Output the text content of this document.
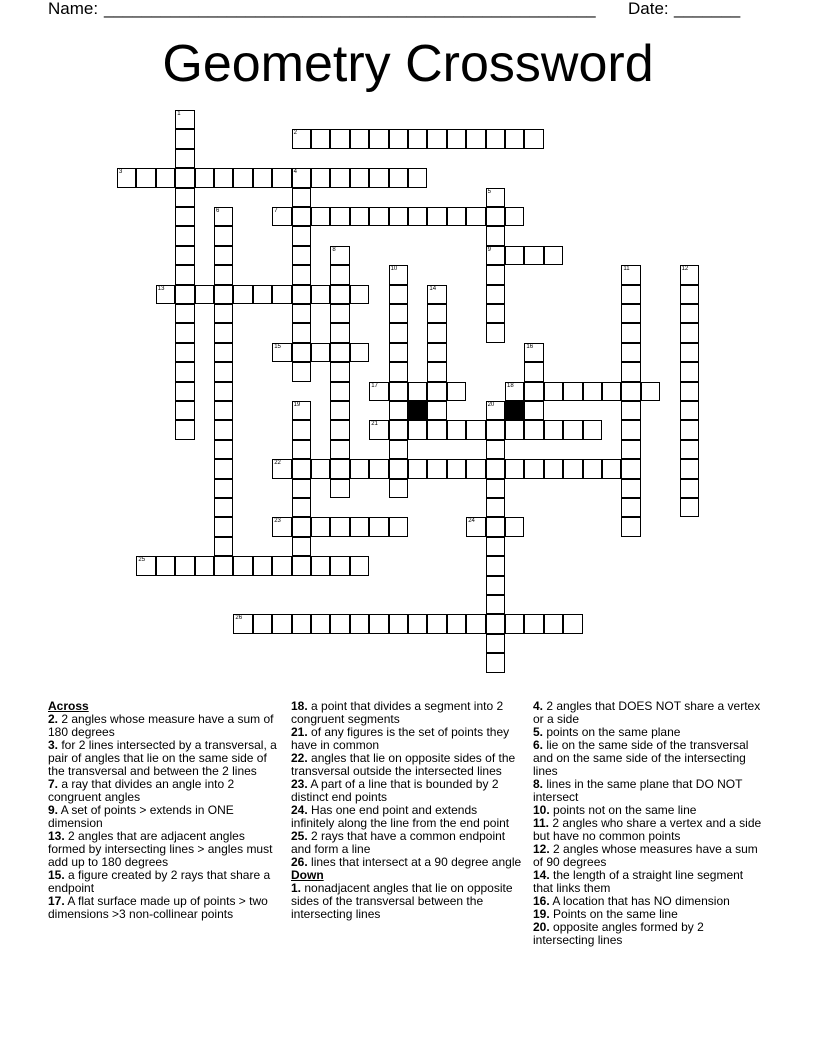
Name: ____________________________________________________ Date: _______
Geometry Crossword
1
2
3	4
5
9
6	7
8
10	11	12
13	14
15	16
17	18
19	20
21
22
23	24
25
26

Across

2. 2 angles whose measure have a sum of 180 degrees

3. for 2 lines intersected by a transversal, a pair of angles that lie on the same side of the transversal and between the 2 lines

7. a ray that divides an angle into 2 congruent angles

9. A set of points > extends in ONE dimension

13. 2 angles that are adjacent angles formed by intersecting lines > angles must add up to 180 degrees

15. a figure created by 2 rays that share a endpoint

17. A flat surface made up of points > two dimensions >3 non-collinear points

18. a point that divides a segment into 2 congruent segments

21. of any figures is the set of points they have in common

22. angles that lie on opposite sides of the transversal outside the intersected lines

23. A part of a line that is bounded by 2 distinct end points

24. Has one end point and extends infinitely along the line from the end point

25. 2 rays that have a common endpoint and form a line

26. lines that intersect at a 90 degree angle

Down

1. nonadjacent angles that lie on opposite sides of the transversal between the intersecting lines

4. 2 angles that DOES NOT share a vertex or a side

5. points on the same plane

6. lie on the same side of the transversal and on the same side of the intersecting lines

8. lines in the same plane that DO NOT intersect

10. points not on the same line

11. 2 angles who share a vertex and a side but have no common points

12. 2 angles whose measures have a sum of 90 degrees

14. the length of a straight line segment that links them

16. A location that has NO dimension

19. Points on the same line

20. opposite angles formed by 2 intersecting lines
